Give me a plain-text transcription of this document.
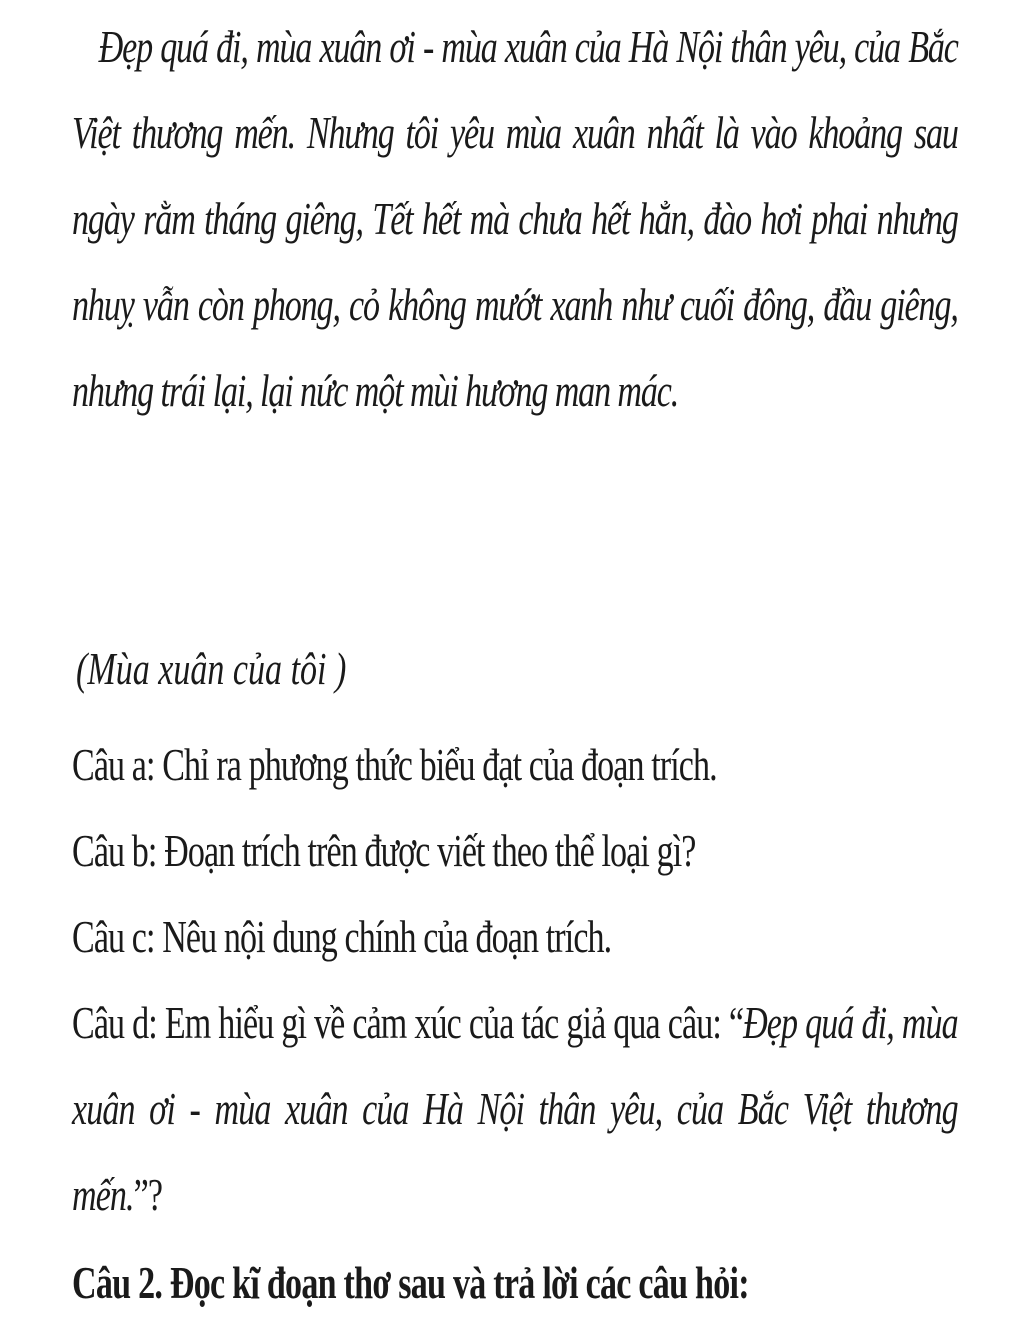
Đẹp quá đi, mùa xuân ơi - mùa xuân của Hà Nội thân yêu, của Bắc Việt thương mến. Nhưng tôi yêu mùa xuân nhất là vào khoảng sau ngày rằm tháng giêng, Tết hết mà chưa hết hẳn, đào hơi phai nhưng nhuỵ vẫn còn phong, cỏ không mướt xanh như cuối đông, đầu giêng, nhưng trái lại, lại nức một mùi hương man mác.

(Mùa xuân của tôi )

Câu a: Chỉ ra phương thức biểu đạt của đoạn trích.
Câu b: Đoạn trích trên được viết theo thể loại gì?
Câu c: Nêu nội dung chính của đoạn trích.
Câu d: Em hiểu gì về cảm xúc của tác giả qua câu: “Đẹp quá đi, mùa xuân ơi - mùa xuân của Hà Nội thân yêu, của Bắc Việt thương mến.”?

Câu 2. Đọc kĩ đoạn thơ sau và trả lời các câu hỏi:
